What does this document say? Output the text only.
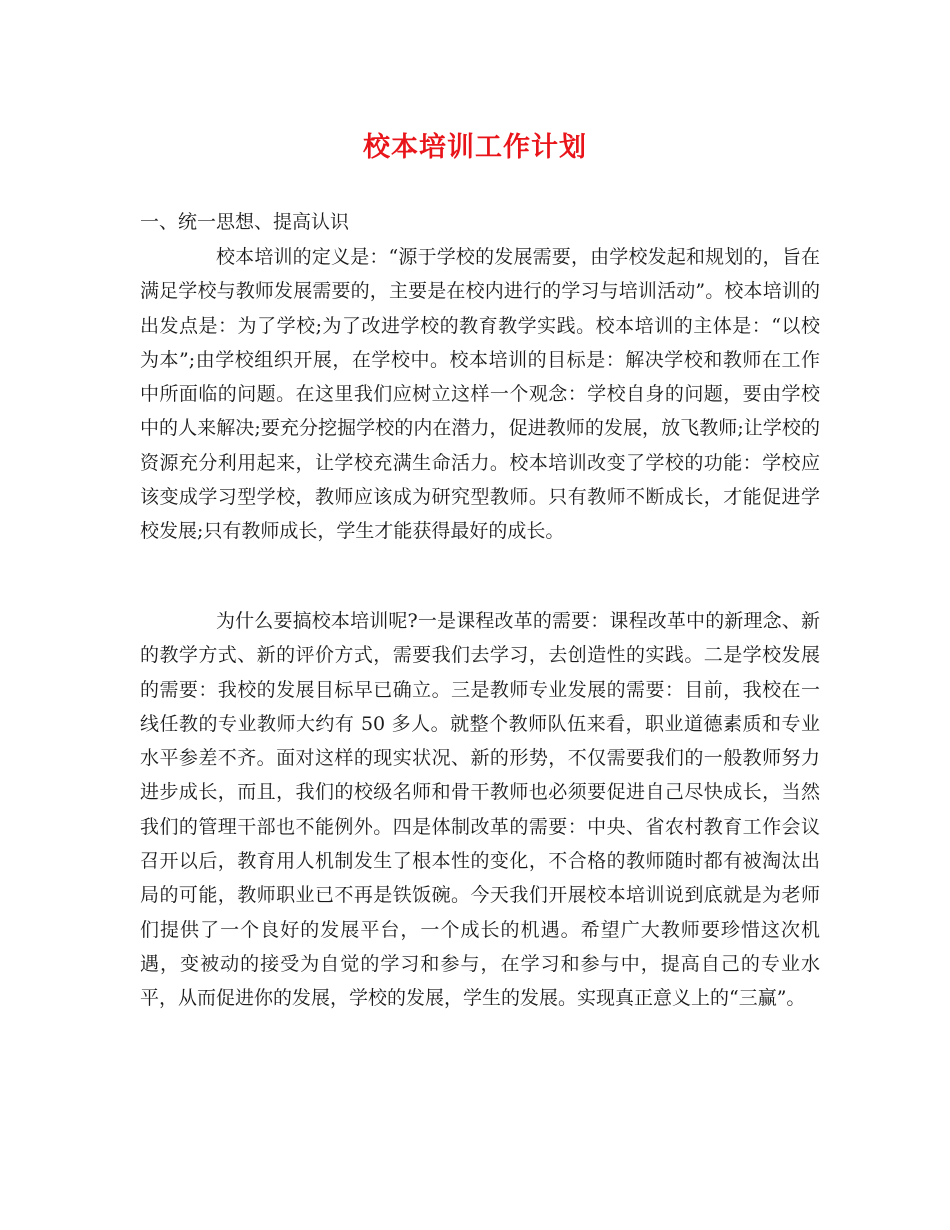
校本培训工作计划
一、统一思想、提高认识

校本培训的定义是：“源于学校的发展需要，由学校发起和规划的，旨在满足学校与教师发展需要的，主要是在校内进行的学习与培训活动”。校本培训的出发点是：为了学校;为了改进学校的教育教学实践。校本培训的主体是：“以校为本”;由学校组织开展，在学校中。校本培训的目标是：解决学校和教师在工作中所面临的问题。在这里我们应树立这样一个观念：学校自身的问题，要由学校中的人来解决;要充分挖掘学校的内在潜力，促进教师的发展，放飞教师;让学校的资源充分利用起来，让学校充满生命活力。校本培训改变了学校的功能：学校应该变成学习型学校，教师应该成为研究型教师。只有教师不断成长，才能促进学校发展;只有教师成长，学生才能获得最好的成长。

为什么要搞校本培训呢?一是课程改革的需要：课程改革中的新理念、新的教学方式、新的评价方式，需要我们去学习，去创造性的实践。二是学校发展的需要：我校的发展目标早已确立。三是教师专业发展的需要：目前，我校在一线任教的专业教师大约有 50 多人。就整个教师队伍来看，职业道德素质和专业水平参差不齐。面对这样的现实状况、新的形势，不仅需要我们的一般教师努力进步成长，而且，我们的校级名师和骨干教师也必须要促进自己尽快成长，当然我们的管理干部也不能例外。四是体制改革的需要：中央、省农村教育工作会议召开以后，教育用人机制发生了根本性的变化，不合格的教师随时都有被淘汰出局的可能，教师职业已不再是铁饭碗。今天我们开展校本培训说到底就是为老师们提供了一个良好的发展平台，一个成长的机遇。希望广大教师要珍惜这次机遇，变被动的接受为自觉的学习和参与，在学习和参与中，提高自己的专业水平，从而促进你的发展，学校的发展，学生的发展。实现真正意义上的“三赢”。
